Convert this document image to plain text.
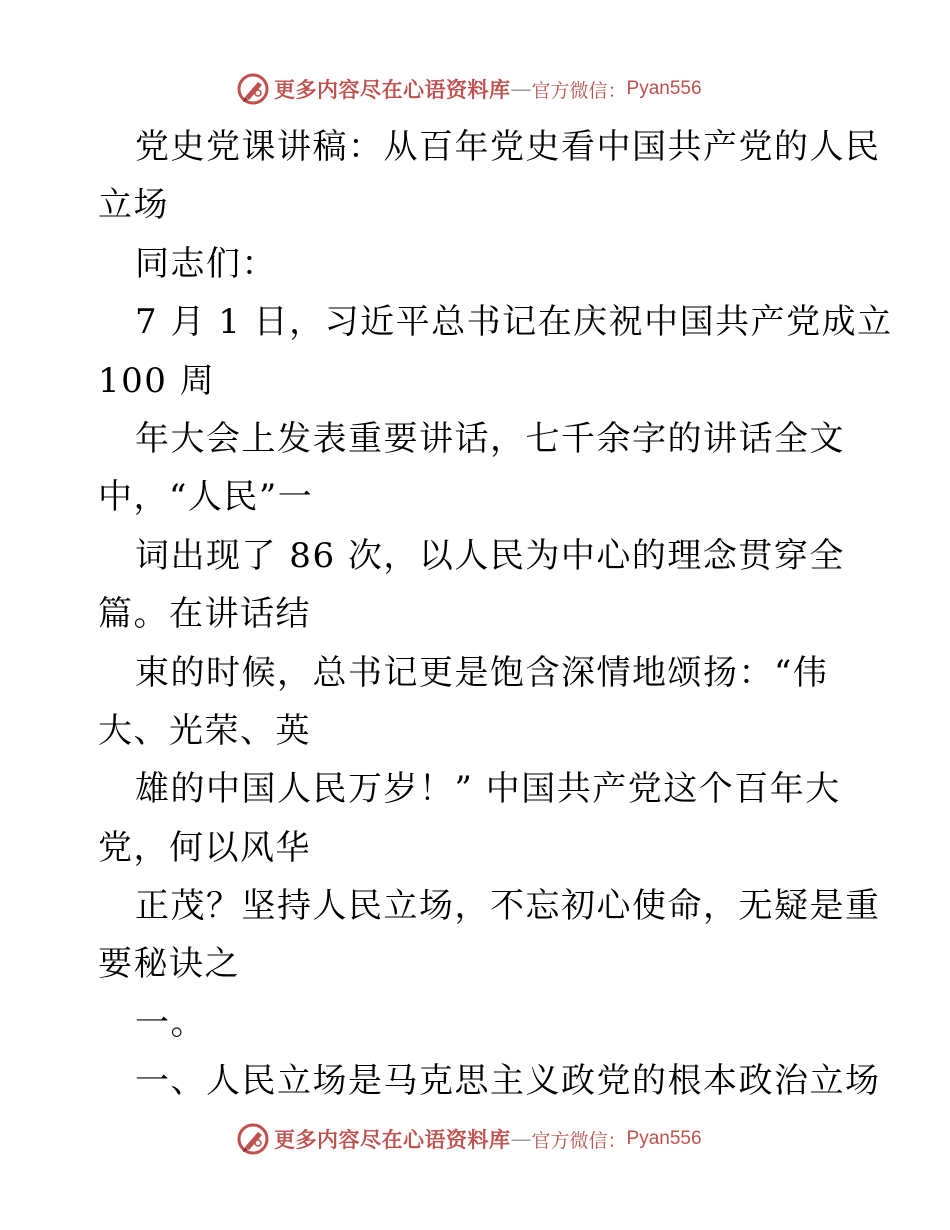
更多内容尽在心语资料库 — 官方微信： Pyan556
党史党课讲稿：从百年党史看中国共产党的人民
立场
同志们：
7 月 1 日，习近平总书记在庆祝中国共产党成立
100 周
年大会上发表重要讲话，七千余字的讲话全文
中，“人民”一
词出现了 86 次，以人民为中心的理念贯穿全
篇。在讲话结
束的时候，总书记更是饱含深情地颂扬：“伟
大、光荣、英
雄的中国人民万岁！” 中国共产党这个百年大
党，何以风华
正茂？坚持人民立场，不忘初心使命，无疑是重
要秘诀之
一。
一、人民立场是马克思主义政党的根本政治立场
更多内容尽在心语资料库 — 官方微信： Pyan556
